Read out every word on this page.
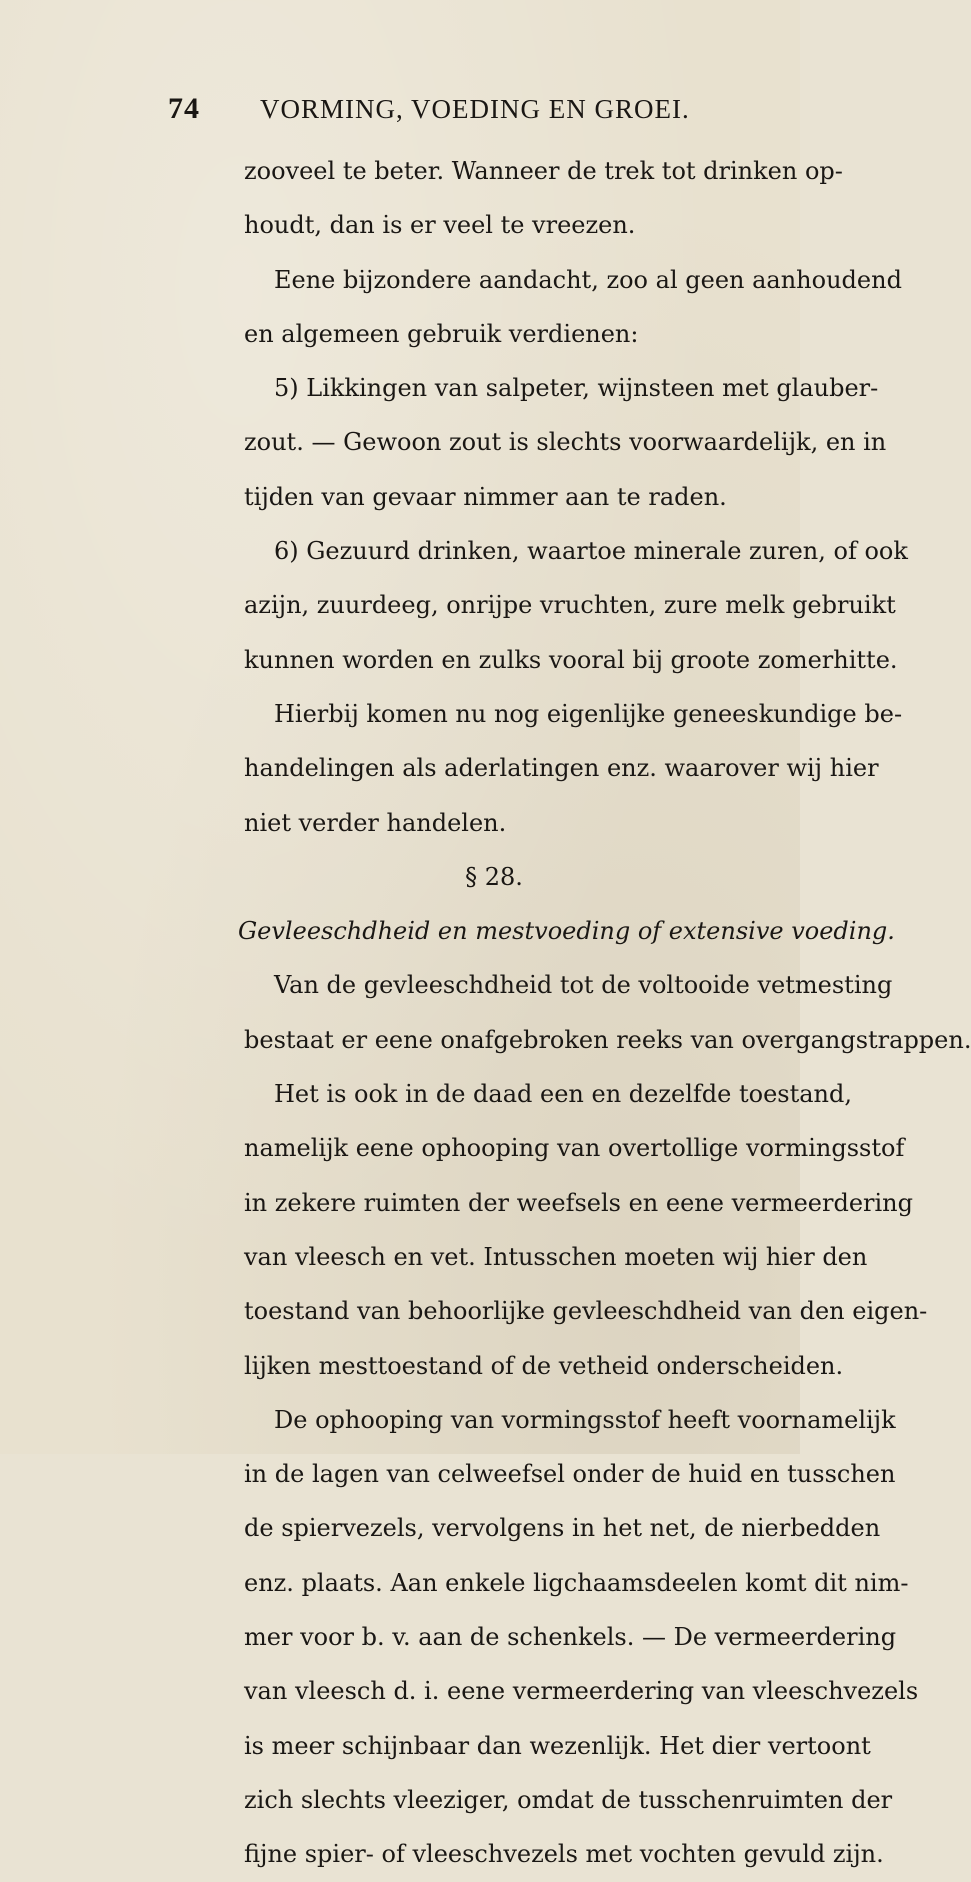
74 VORMING, VOEDING EN GROEI.
zooveel te beter. Wanneer de trek tot drinken op-
houdt, dan is er veel te vreezen.
Eene bijzondere aandacht, zoo al geen aanhoudend
en algemeen gebruik verdienen:
5) Likkingen van salpeter, wijnsteen met glauber-
zout. — Gewoon zout is slechts voorwaardelijk, en in
tijden van gevaar nimmer aan te raden.
6) Gezuurd drinken, waartoe minerale zuren, of ook
azijn, zuurdeeg, onrijpe vruchten, zure melk gebruikt
kunnen worden en zulks vooral bij groote zomerhitte.
Hierbij komen nu nog eigenlijke geneeskundige be-
handelingen als aderlatingen enz. waarover wij hier
niet verder handelen.
§ 28.
Gevleeschdheid en mestvoeding of extensive voeding.
Van de gevleeschdheid tot de voltooide vetmesting
bestaat er eene onafgebroken reeks van overgangstrappen.
Het is ook in de daad een en dezelfde toestand,
namelijk eene ophooping van overtollige vormingsstof
in zekere ruimten der weefsels en eene vermeerdering
van vleesch en vet. Intusschen moeten wij hier den
toestand van behoorlijke gevleeschdheid van den eigen-
lijken mesttoestand of de vetheid onderscheiden.
De ophooping van vormingsstof heeft voornamelijk
in de lagen van celweefsel onder de huid en tusschen
de spiervezels, vervolgens in het net, de nierbedden
enz. plaats. Aan enkele ligchaamsdeelen komt dit nim-
mer voor b. v. aan de schenkels. — De vermeerdering
van vleesch d. i. eene vermeerdering van vleeschvezels
is meer schijnbaar dan wezenlijk. Het dier vertoont
zich slechts vleeziger, omdat de tusschenruimten der
fijne spier- of vleeschvezels met vochten gevuld zijn.
